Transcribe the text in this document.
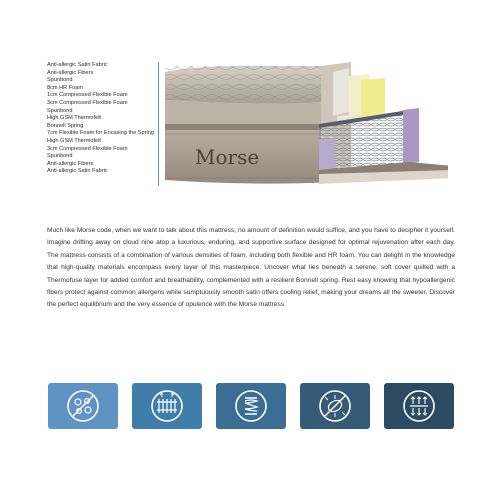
Anti-allergic Satin Fabric
Anti-allergic Fibers
Spunbond
8cm HR Foam
1cm Compressed Flexible Foam
3cm Compressed Flexible Foam
Spunbond
High GSM Thermofelt
Bonnell Spring
7cm Flexible Foam for Encasing the Spring
High GSM Thermofelt
3cm Compressed Flexible Foam
Spunbond
Anti-allergic Fibers
Anti-allergic Satin Fabric
Morse

Much like Morse code, when we want to talk about this mattress, no amount of definition would suffice, and you have to decipher it yourself. Imagine drifting away on cloud nine atop a luxurious, enduring, and supportive surface designed for optimal rejuvenation after each day. The mattress consists of a combination of various densities of foam, including both flexible and HR foam. You can delight in the knowledge that high-quality materials encompass every layer of this masterpiece. Uncover what lies beneath a serene, soft cover quilted with a Thermofuse layer for added comfort and breathability, complemented with a resilient Bonnell spring. Rest easy knowing that hypoallergenic fibers protect against common allergens while sumptuously smooth satin offers cooling relief, making your dreams all the sweeter. Discover the perfect equilibrium and the very essence of opulence with the Morse mattress.
